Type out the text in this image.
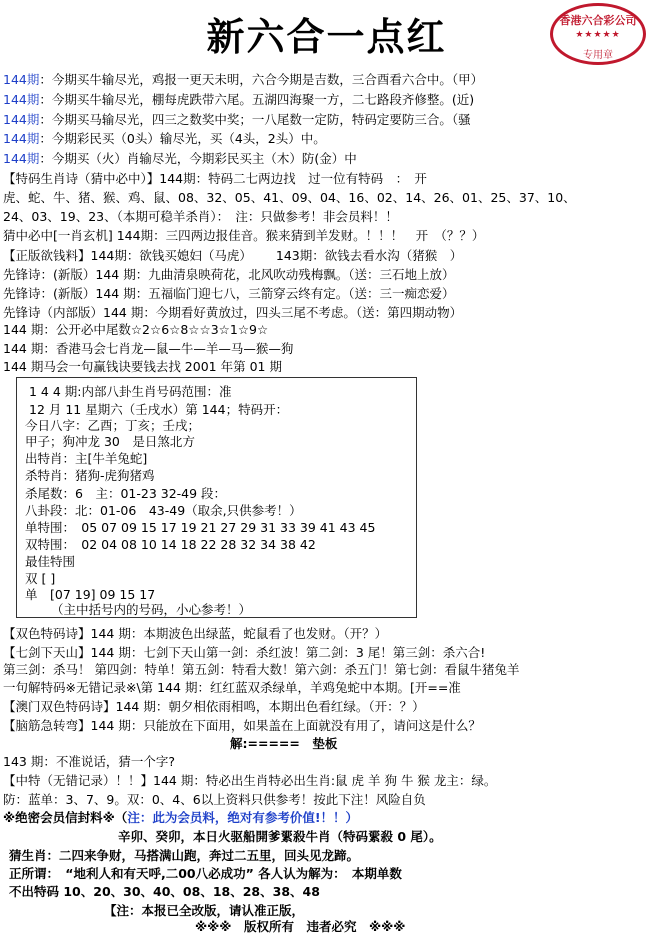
新六合一点红	香港六合彩公司
★★★★★
专用章
144期：今期买牛输尽光，鸡报一更天未明，六合今期是吉数，三合酉看六合中。（甲）
144期：今期买牛输尽光，棚每虎跌带六尾。五湖四海聚一方，二七路段齐修整。(近)
144期：今期买马输尽光，四三之数奖中奖；一八尾数一定防，特码定要防三合。（骚
144期：今期彩民买（0头）输尽光，买（4头，2头）中。
144期：今期买（火）肖输尽光，今期彩民买主（木）防(金）中
【特码生肖诗（猜中必中）】144期：特码二七两边找　过一位有特码　：　开
虎、蛇、牛、猪、猴、鸡、鼠、08、32、05、41、09、04、16、02、14、26、01、25、37、10、
24、03、19、23、（本期可稳羊杀肖）：　注：只做参考！非会员料！！
猜中必中[一肖玄机] 144期：三四两边报佳音。猴来猜到羊发财。！！！　开　（？？）
【正版欲钱料】144期：欲钱买媳妇（马虎） 143期：欲钱去看水沟（猪猴　）
先锋诗：(新版）144 期：九曲清泉映荷花，北风吹动残梅飘。（送：三石地上放）
先锋诗：(新版）144 期：五福临门迎七八，三箭穿云终有定。（送：三一痴恋爱）
先锋诗（内部版）144 期：今期看好黄放过，四头三尾不考虑。（送：第四期动物）
144 期：公开必中尾数☆2☆6☆8☆☆3☆1☆9☆
144 期：香港马会七肖龙—鼠—牛—羊—马—猴—狗
144 期马会一句赢钱诀要钱去找 2001 年第 01 期
1 4 4 期:内部八卦生肖号码范围：准
12 月 11 星期六（壬戌水）第 144；特码开：
今日八字：乙酉；丁亥；壬戌；
甲子；狗冲龙 30　是日煞北方
出特肖：主[牛羊兔蛇]
杀特肖：猪狗-虎狗猪鸡
杀尾数：6　主：01-23 32-49 段：
八卦段：北：01-06　43-49（取余,只供参考！）
单特围：　05 07 09 15 17 19 21 27 29 31 33 39 41 43 45
双特围：　02 04 08 10 14 18 22 28 32 34 38 42
最佳特围
双 [ ]
单　[07 19] 09 15 17
（主中括号内的号码，小心参考！）
【双色特码诗】144 期：本期波色出绿蓝，蛇鼠看了也发财。（开？）
【七剑下天山】144 期：七剑下天山第一剑：杀红波！第二剑：3 尾！第三剑：杀六合!
第三剑：杀马！ 第四剑：特单！第五剑：特看大数！第六剑：杀五门！第七剑：看鼠牛猪兔羊
一句解特码※无错记录※\第 144 期：红红蓝双杀绿单，羊鸡兔蛇中本期。[开==准
【澳门双色特码诗】144 期：朝夕相依雨相鸣，本期出色看红绿。（开：？）
【脑筋急转弯】144 期：只能放在下面用，如果盖在上面就没有用了，请问这是什么？
解:=====　垫板
143 期：不准说话，猜一个字?
【中特（无错记录）！！】144 期：特必出生肖特必出生肖:鼠 虎 羊 狗 牛 猴 龙主：绿。
防：蓝单：3、7、9。双：0、4、6以上资料只供参考！按此下注！风险自负
※绝密会员信封料※（注：此为会员料，绝对有参考价值!！！）
辛卯、癸卯，本日火驱船開爹綤殺牛肖（特码綤殺 0 尾）。
猜生肖：二四来争财，马搭满山跑，奔过二五里，回头见龙蹄。
正所谓：　“地利人和有天呼,二00八必成功” 各人认为解为：　本期单数
不出特码 10、20、30、40、08、18、28、38、48
【注：本报已全改版，请认准正版，
※※※　版权所有　违者必究　※※※
